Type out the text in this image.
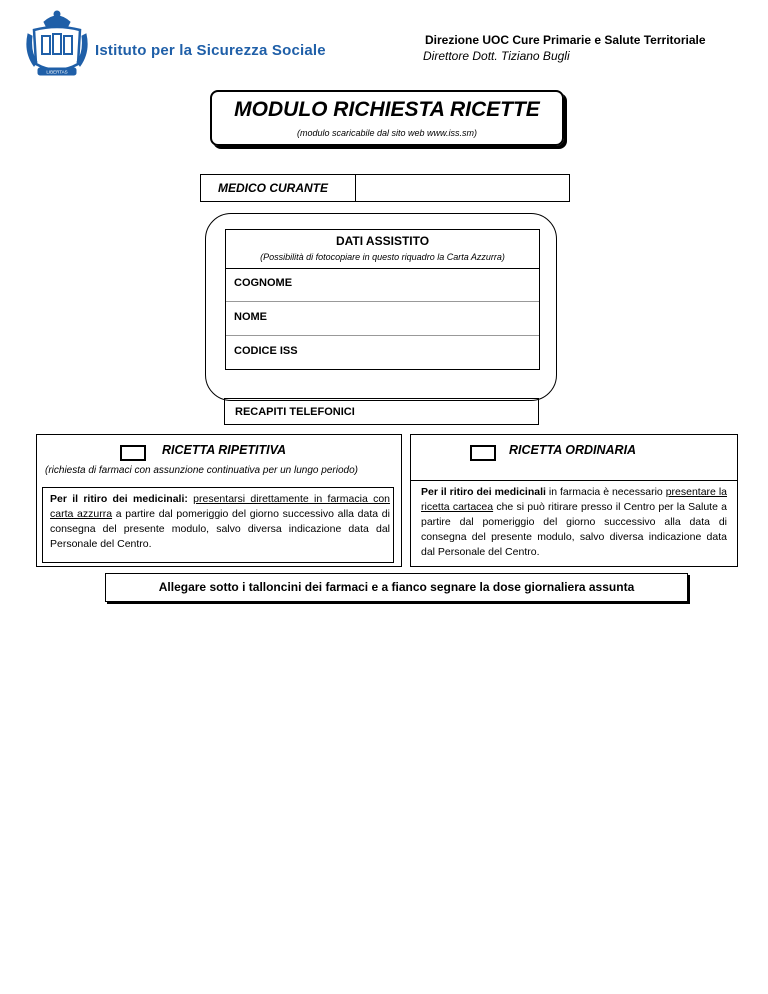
LIBERTAS
Istituto per la Sicurezza Sociale
Direzione UOC Cure Primarie e Salute Territoriale
Direttore Dott. Tiziano Bugli
MODULO RICHIESTA RICETTE
(modulo scaricabile dal sito web www.iss.sm)
MEDICO CURANTE
DATI ASSISTITO
(Possibilità di fotocopiare in questo riquadro la Carta Azzurra)
COGNOME
NOME
CODICE ISS
RECAPITI TELEFONICI
RICETTA RIPETITIVA
(richiesta di farmaci con assunzione continuativa per un lungo periodo)
Per il ritiro dei medicinali: presentarsi direttamente in farmacia con carta azzurra a partire dal pomeriggio del giorno successivo alla data di consegna del presente modulo, salvo diversa indicazione data dal Personale del Centro.
RICETTA ORDINARIA
Per il ritiro dei medicinali in farmacia è necessario presentare la ricetta cartacea che si può ritirare presso il Centro per la Salute a partire dal pomeriggio del giorno successivo alla data di consegna del presente modulo, salvo diversa indicazione data dal Personale del Centro.
Allegare sotto i talloncini dei farmaci e a fianco segnare la dose giornaliera assunta
